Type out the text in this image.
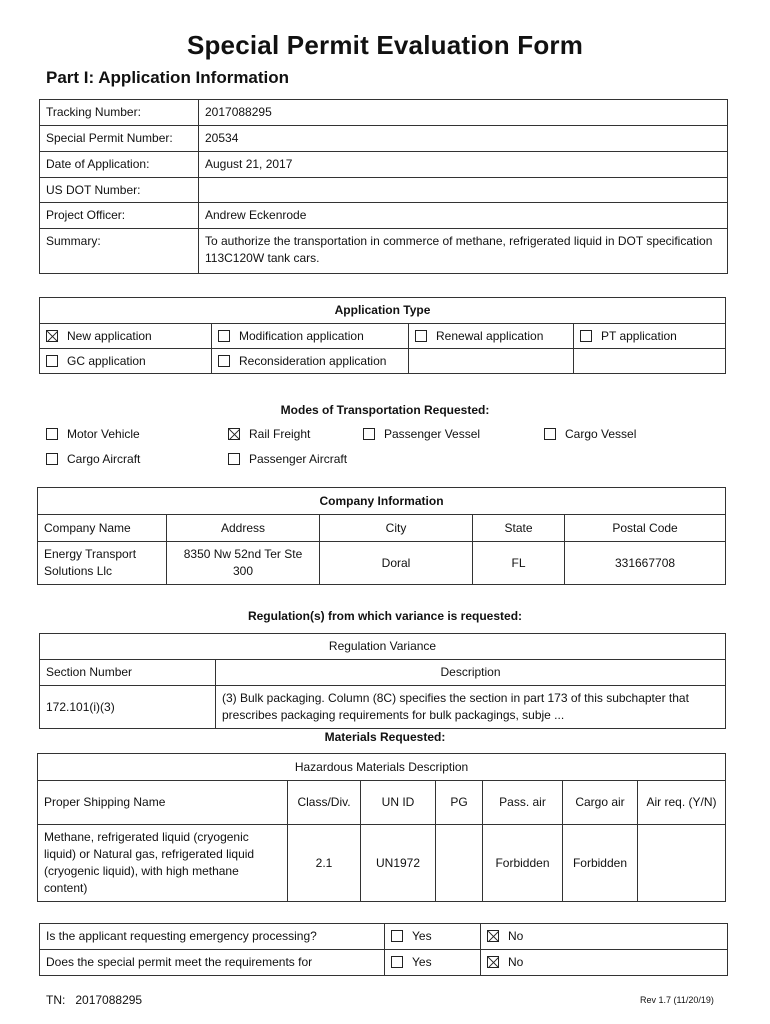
Special Permit Evaluation Form
Part I: Application Information
Tracking Number:	2017088295
Special Permit Number:	20534
Date of Application:	August 21, 2017
US DOT Number:	
Project Officer:	Andrew Eckenrode
Summary:	To authorize the transportation in commerce of methane, refrigerated liquid in DOT specification 113C120W tank cars.
Application Type			
New application	Modification application	Renewal application	PT application
GC application	Reconsideration application		
Modes of Transportation Requested:
Motor Vehicle	Rail Freight	Passenger Vessel	Cargo Vessel
Cargo Aircraft	Passenger Aircraft
Company Information				
Company Name	Address	City	State	Postal Code
Energy Transport Solutions Llc	8350 Nw 52nd Ter Ste 300	Doral	FL	331667708
Regulation(s) from which variance is requested:
Regulation Variance	
Section Number	Description
172.101(i)(3)	(3) Bulk packaging. Column (8C) specifies the section in part 173 of this subchapter that prescribes packaging requirements for bulk packagings, subje ...
Materials Requested:
Hazardous Materials Description						
Proper Shipping Name	Class/Div.	UN ID	PG	Pass. air	Cargo air	Air req. (Y/N)
Methane, refrigerated liquid (cryogenic liquid) or Natural gas, refrigerated liquid (cryogenic liquid), with high methane content)	2.1	UN1972		Forbidden	Forbidden	
Is the applicant requesting emergency processing?	Yes	No
Does the special permit meet the requirements for	Yes	No
TN: 2017088295	Rev 1.7 (11/20/19)
